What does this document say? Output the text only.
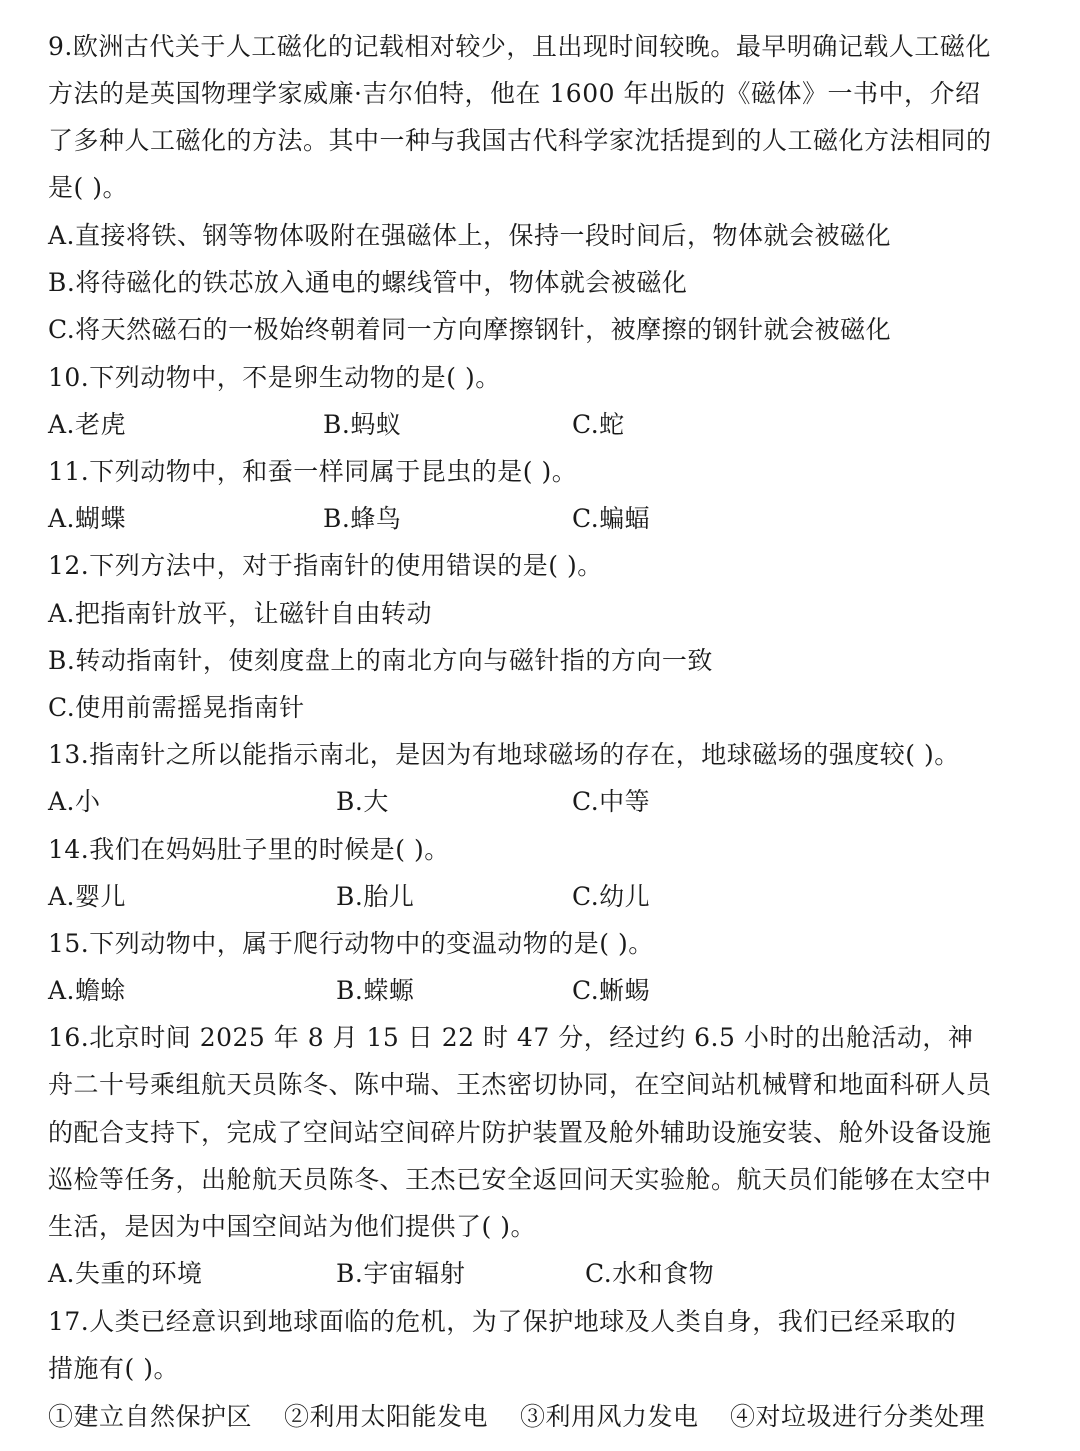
9.欧洲古代关于人工磁化的记载相对较少，且出现时间较晚。最早明确记载人工磁化
方法的是英国物理学家威廉·吉尔伯特，他在 1600 年出版的《磁体》一书中，介绍
了多种人工磁化的方法。其中一种与我国古代科学家沈括提到的人工磁化方法相同的
是( )。
A.直接将铁、钢等物体吸附在强磁体上，保持一段时间后，物体就会被磁化
B.将待磁化的铁芯放入通电的螺线管中，物体就会被磁化
C.将天然磁石的一极始终朝着同一方向摩擦钢针，被摩擦的钢针就会被磁化
10.下列动物中，不是卵生动物的是( )。
A.老虎	B.蚂蚁	C.蛇
11.下列动物中，和蚕一样同属于昆虫的是( )。
A.蝴蝶	B.蜂鸟	C.蝙蝠
12.下列方法中，对于指南针的使用错误的是( )。
A.把指南针放平，让磁针自由转动
B.转动指南针，使刻度盘上的南北方向与磁针指的方向一致
C.使用前需摇晃指南针
13.指南针之所以能指示南北，是因为有地球磁场的存在，地球磁场的强度较( )。
A.小	B.大	C.中等
14.我们在妈妈肚子里的时候是( )。
A.婴儿	B.胎儿	C.幼儿
15.下列动物中，属于爬行动物中的变温动物的是( )。
A.蟾蜍	B.蝾螈	C.蜥蜴
16.北京时间 2025 年 8 月 15 日 22 时 47 分，经过约 6.5 小时的出舱活动，神
舟二十号乘组航天员陈冬、陈中瑞、王杰密切协同，在空间站机械臂和地面科研人员
的配合支持下，完成了空间站空间碎片防护装置及舱外辅助设施安装、舱外设备设施
巡检等任务，出舱航天员陈冬、王杰已安全返回问天实验舱。航天员们能够在太空中
生活，是因为中国空间站为他们提供了( )。
A.失重的环境	B.宇宙辐射	C.水和食物
17.人类已经意识到地球面临的危机，为了保护地球及人类自身，我们已经采取的
措施有( )。
①建立自然保护区 ②利用太阳能发电 ③利用风力发电 ④对垃圾进行分类处理
